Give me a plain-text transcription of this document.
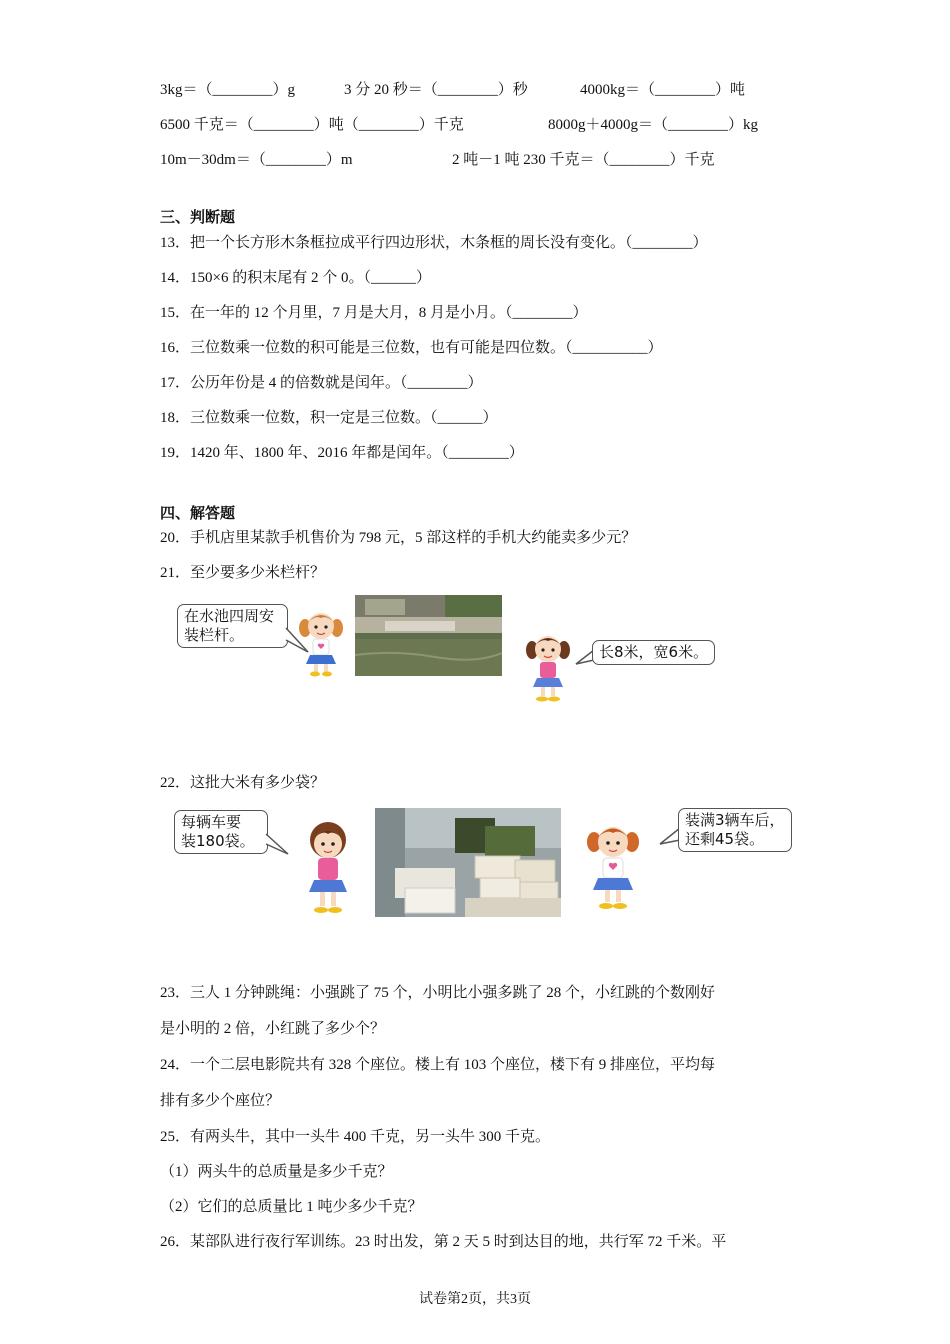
3kg＝（________）g	3 分 20 秒＝（________）秒	4000kg＝（________）吨
6500 千克＝（________）吨（________）千克	8000g＋4000g＝（________）kg
10m－30dm＝（________）m	2 吨－1 吨 230 千克＝（________）千克
三、判断题
13．把一个长方形木条框拉成平行四边形状，木条框的周长没有变化。（________）
14．150×6 的积末尾有 2 个 0。（______）
15．在一年的 12 个月里，7 月是大月，8 月是小月。（________）
16．三位数乘一位数的积可能是三位数，也有可能是四位数。（__________）
17．公历年份是 4 的倍数就是闰年。（________）
18．三位数乘一位数，积一定是三位数。（______）
19．1420 年、1800 年、2016 年都是闰年。（________）
四、解答题
20．手机店里某款手机售价为 798 元，5 部这样的手机大约能卖多少元？
21．至少要多少米栏杆？
在水池四周安
装栏杆。
长8米，宽6米。
22．这批大米有多少袋？
每辆车要
装180袋。
装满3辆车后，
还剩45袋。
23．三人 1 分钟跳绳：小强跳了 75 个，小明比小强多跳了 28 个，小红跳的个数刚好
是小明的 2 倍，小红跳了多少个？
24．一个二层电影院共有 328 个座位。楼上有 103 个座位，楼下有 9 排座位，平均每
排有多少个座位？
25．有两头牛，其中一头牛 400 千克，另一头牛 300 千克。
（1）两头牛的总质量是多少千克？
（2）它们的总质量比 1 吨少多少千克？
26．某部队进行夜行军训练。23 时出发，第 2 天 5 时到达目的地，共行军 72 千米。平
试卷第2页，共3页
